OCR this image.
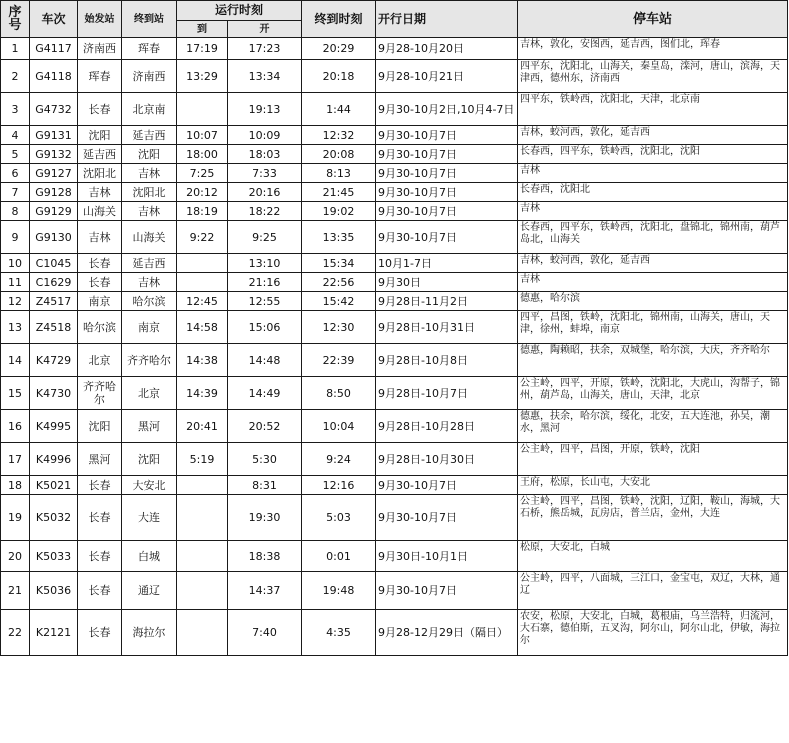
序号	车次	始发站	终到站	运行时刻		终到时刻	开行日期	停车站
				到	开			
1	G4117	济南西	珲春	17:19	17:23	20:29	9月28-10月20日	吉林，敦化，安图西，延吉西，图们北，珲春
2	G4118	珲春	济南西	13:29	13:34	20:18	9月28-10月21日	四平东，沈阳北，山海关，秦皇岛，滦河，唐山，滨海，天津西，德州东，济南西
3	G4732	长春	北京南		19:13	1:44	9月30-10月2日,10月4-7日	四平东，铁岭西，沈阳北，天津，北京南
4	G9131	沈阳	延吉西	10:07	10:09	12:32	9月30-10月7日	吉林，蛟河西，敦化，延吉西
5	G9132	延吉西	沈阳	18:00	18:03	20:08	9月30-10月7日	长春西，四平东，铁岭西，沈阳北，沈阳
6	G9127	沈阳北	吉林	7:25	7:33	8:13	9月30-10月7日	吉林
7	G9128	吉林	沈阳北	20:12	20:16	21:45	9月30-10月7日	长春西，沈阳北
8	G9129	山海关	吉林	18:19	18:22	19:02	9月30-10月7日	吉林
9	G9130	吉林	山海关	9:22	9:25	13:35	9月30-10月7日	长春西，四平东，铁岭西，沈阳北，盘锦北，锦州南，葫芦岛北，山海关
10	C1045	长春	延吉西		13:10	15:34	10月1-7日	吉林，蛟河西，敦化，延吉西
11	C1629	长春	吉林		21:16	22:56	9月30日	吉林
12	Z4517	南京	哈尔滨	12:45	12:55	15:42	9月28日-11月2日	德惠，哈尔滨
13	Z4518	哈尔滨	南京	14:58	15:06	12:30	9月28日-10月31日	四平，昌图，铁岭，沈阳北，锦州南，山海关，唐山，天津，徐州，蚌埠，南京
14	K4729	北京	齐齐哈尔	14:38	14:48	22:39	9月28日-10月8日	德惠，陶赖昭，扶余，双城堡，哈尔滨，大庆，齐齐哈尔
15	K4730	齐齐哈尔	北京	14:39	14:49	8:50	9月28日-10月7日	公主岭，四平，开原，铁岭，沈阳北，大虎山，沟帮子，锦州，葫芦岛，山海关，唐山，天津，北京
16	K4995	沈阳	黑河	20:41	20:52	10:04	9月28日-10月28日	德惠，扶余，哈尔滨，绥化，北安，五大连池，孙吴，潮水，黑河
17	K4996	黑河	沈阳	5:19	5:30	9:24	9月28日-10月30日	公主岭，四平，昌图，开原，铁岭，沈阳
18	K5021	长春	大安北		8:31	12:16	9月30-10月7日	王府，松原，长山屯，大安北
19	K5032	长春	大连		19:30	5:03	9月30-10月7日	公主岭，四平，昌图，铁岭，沈阳，辽阳，鞍山，海城，大石桥，熊岳城，瓦房店，普兰店，金州，大连
20	K5033	长春	白城		18:38	0:01	9月30日-10月1日	松原，大安北，白城
21	K5036	长春	通辽		14:37	19:48	9月30-10月7日	公主岭，四平，八面城，三江口，金宝屯，双辽，大林，通辽
22	K2121	长春	海拉尔		7:40	4:35	9月28-12月29日（隔日）	农安，松原，大安北，白城，葛根庙，乌兰浩特，归流河，大石寨，德伯斯，五叉沟，阿尔山，阿尔山北，伊敏，海拉尔
